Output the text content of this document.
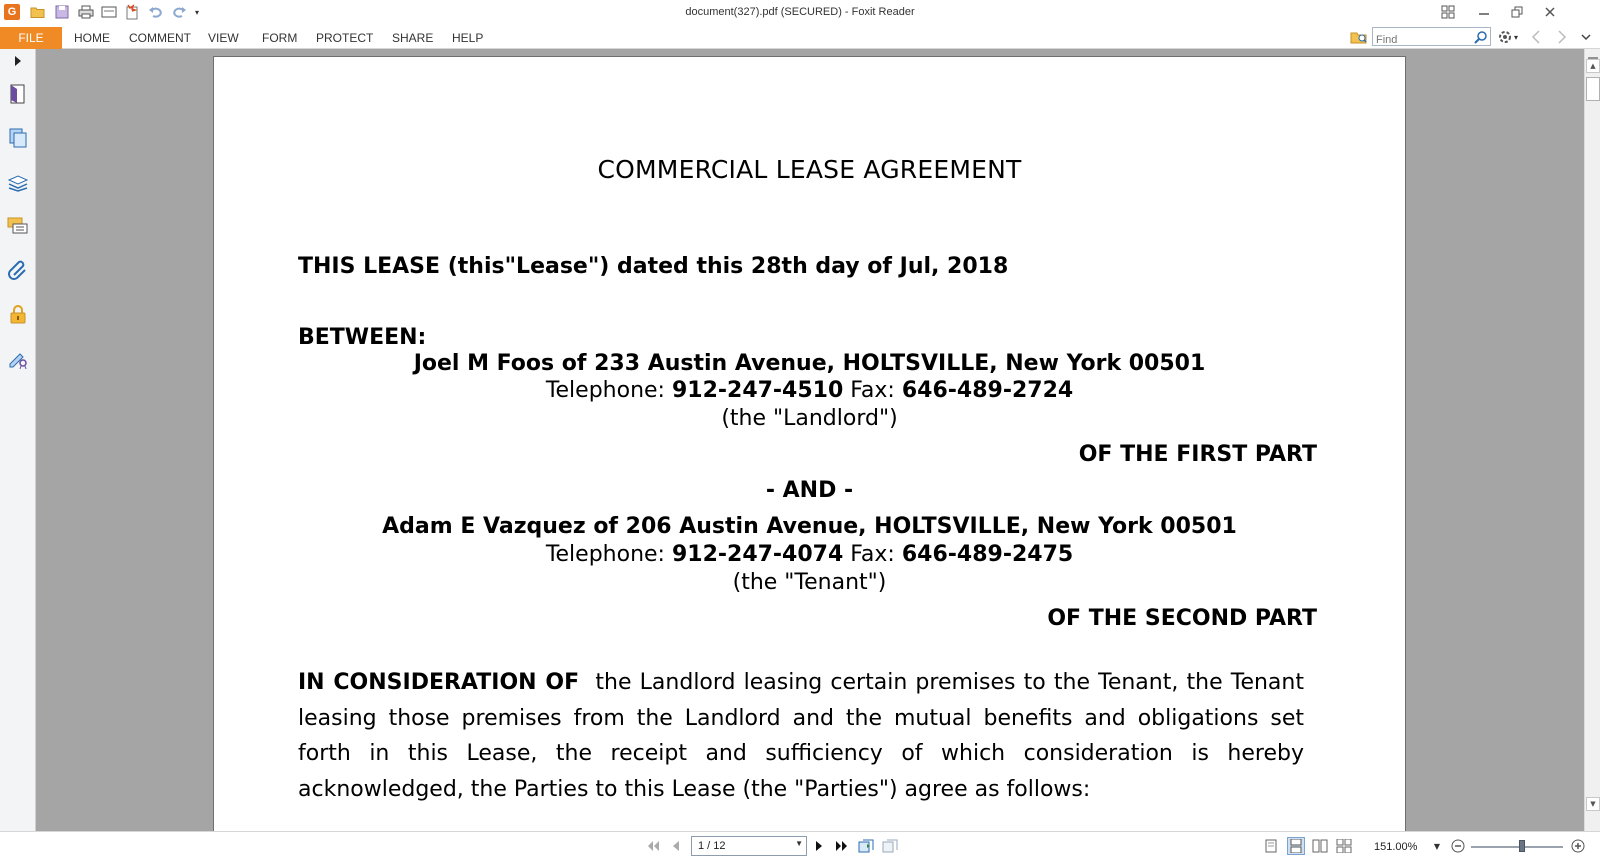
G	▾	document(327).pdf (SECURED) - Foxit Reader
FILE	HOME COMMENT VIEW FORM PROTECT SHARE HELP
Find	▾
COMMERCIAL LEASE AGREEMENT
THIS LEASE (this"Lease") dated this 28th day of Jul, 2018
BETWEEN:
Joel M Foos of 233 Austin Avenue, HOLTSVILLE, New York 00501
Telephone: 912-247-4510 Fax: 646-489-2724
(the "Landlord")
OF THE FIRST PART
- AND -
Adam E Vazquez of 206 Austin Avenue, HOLTSVILLE, New York 00501
Telephone: 912-247-4074 Fax: 646-489-2475
(the "Tenant")
OF THE SECOND PART
IN CONSIDERATION OF  the Landlord leasing certain premises to the Tenant, the Tenant leasing those premises from the Landlord and the mutual benefits and obligations set forth in this Lease, the receipt and sufficiency of which consideration is hereby acknowledged, the Parties to this Lease (the "Parties") agree as follows:
▲
▼
1 / 12	▼	151.00% ▼
